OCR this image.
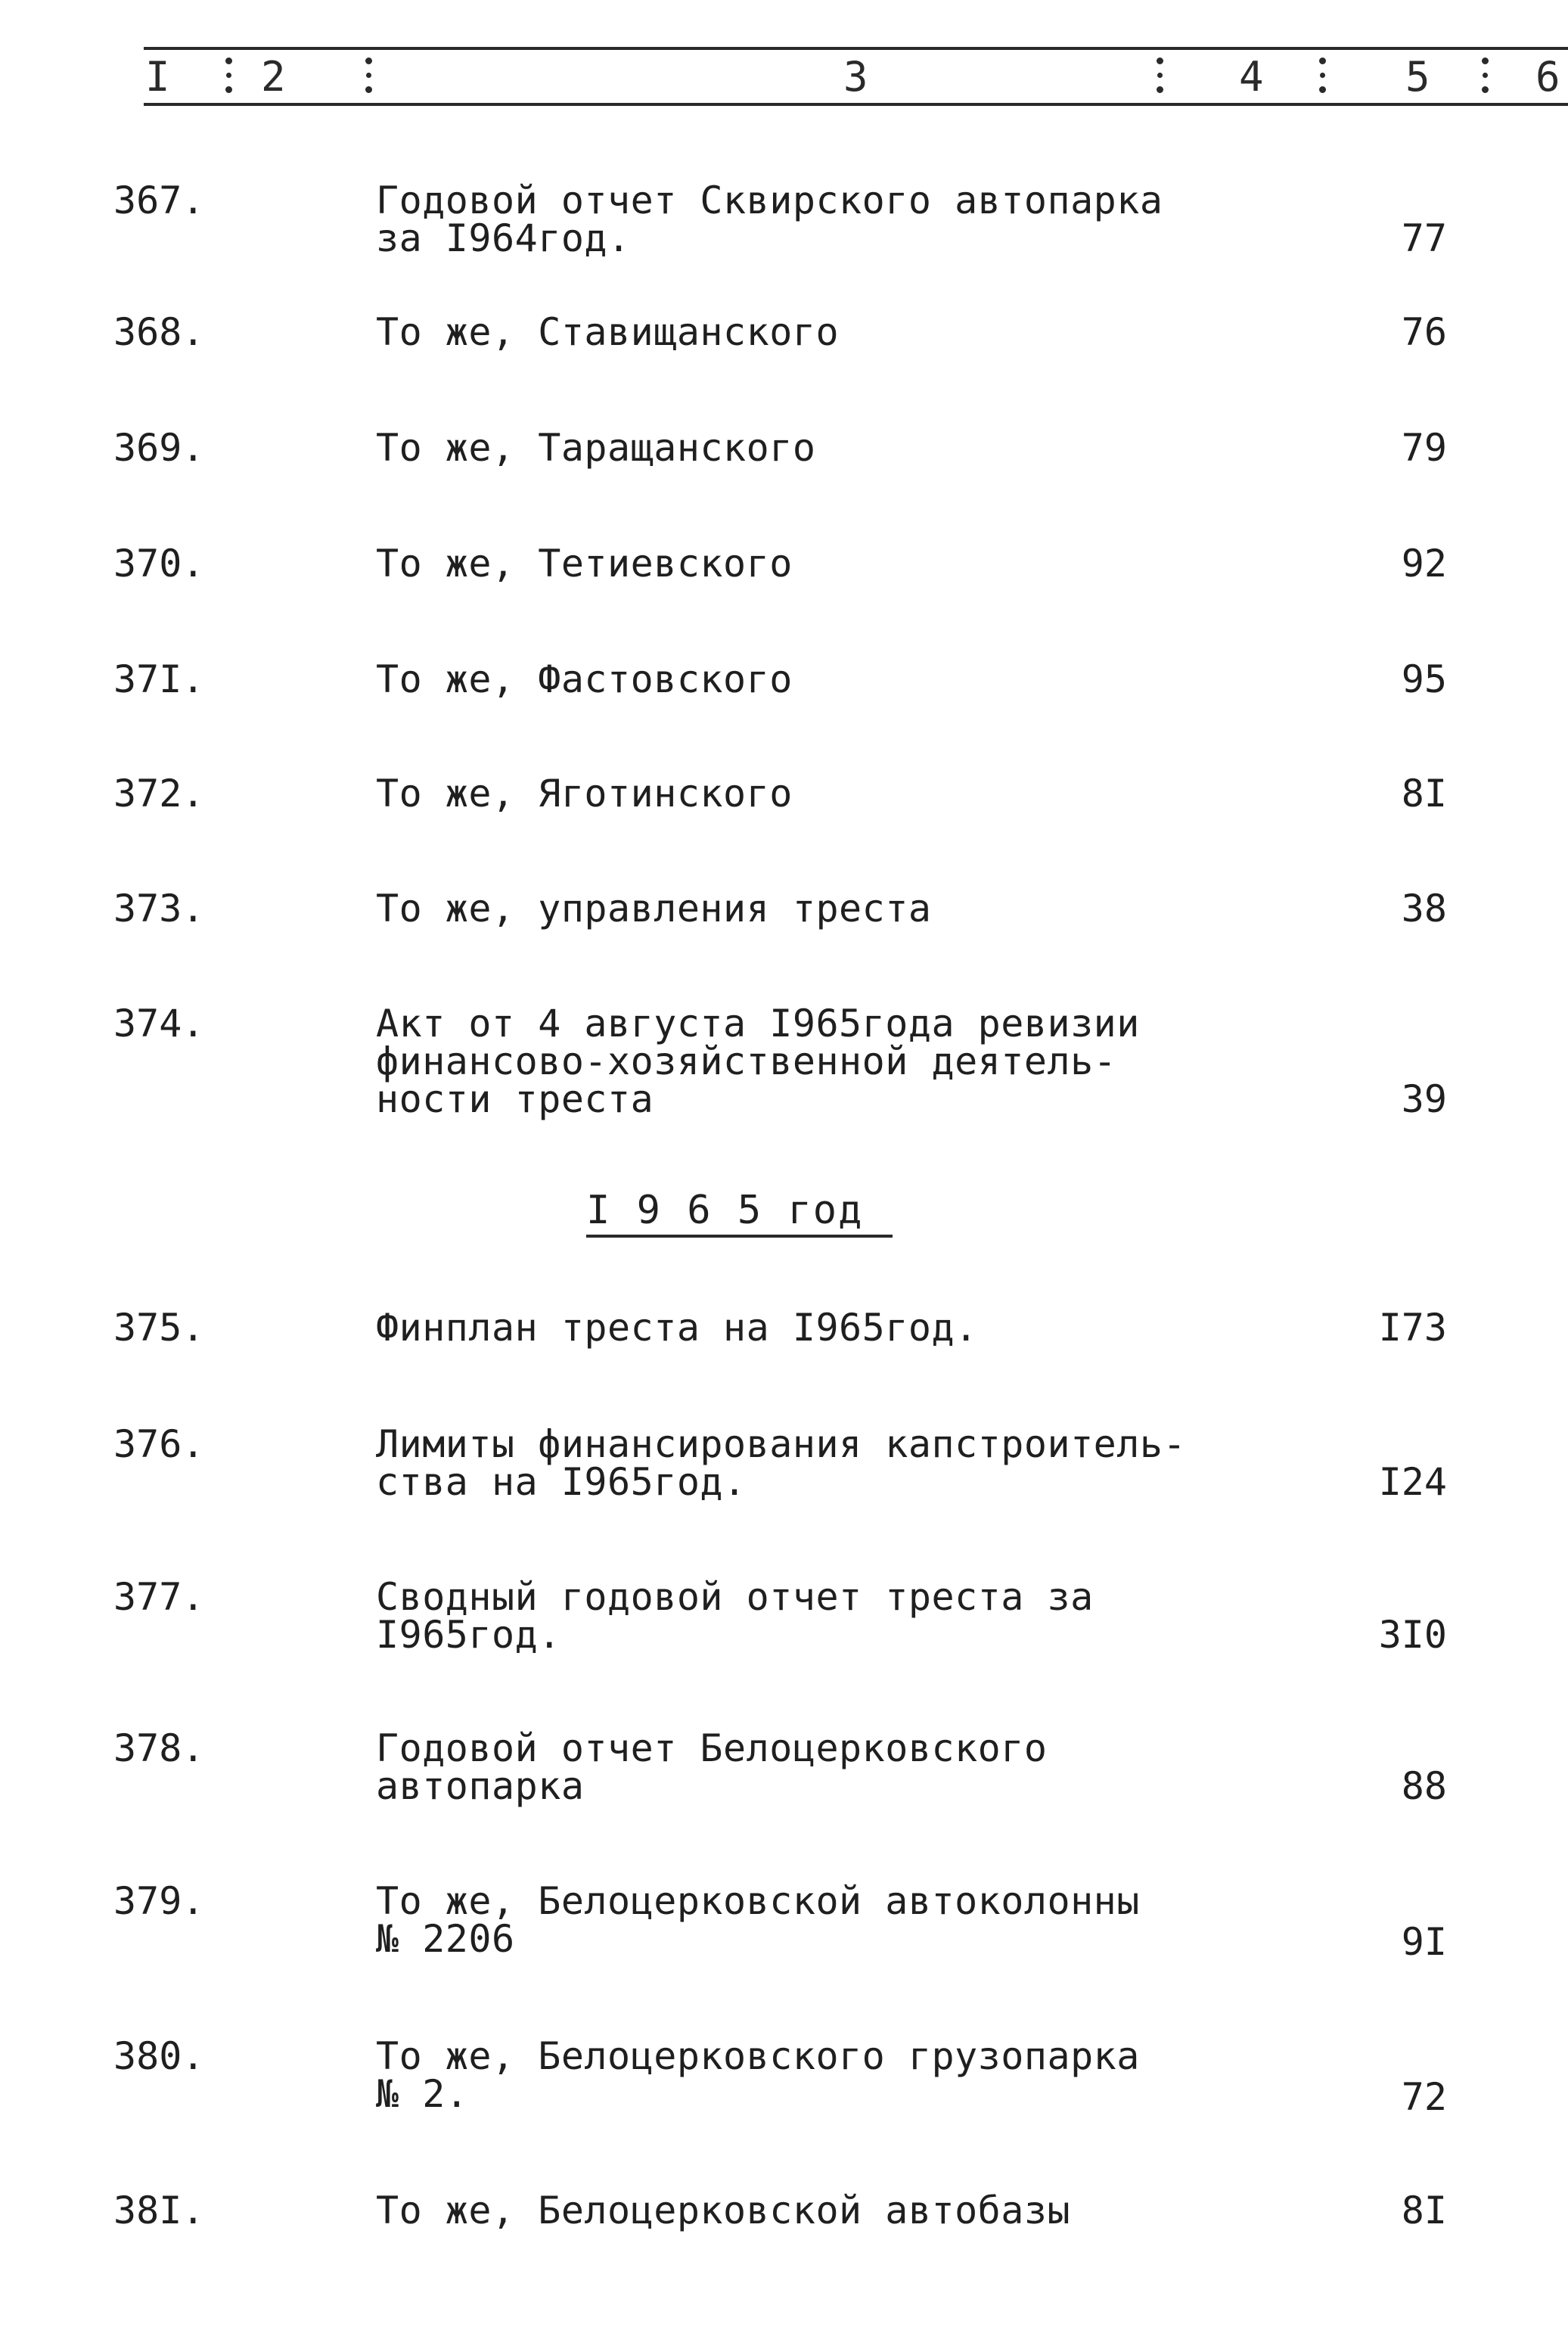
I 2	3	4	5	6
367.	Годовой отчет Сквирского автопарка
за I964год.	77
368.	То же, Ставищанского	76
369.	То же, Таращанского	79
370.	То же, Тетиевского	92
37I.	То же, Фастовского	95
372.	То же, Яготинского	8I
373.	То же, управления треста	38
374.	Акт от 4 августа I965года ревизии
финансово-хозяйственной деятель-
ности треста	39
I 9 6 5 год
375.	Финплан треста на I965год.	I73
376.	Лимиты финансирования капстроитель-
ства на I965год.	I24
377.	Сводный годовой отчет треста за
I965год.	3I0
378.	Годовой отчет Белоцерковского
автопарка	88
379.	То же, Белоцерковской автоколонны
№ 2206	9I
380.	То же, Белоцерковского грузопарка
№ 2.	72
38I.	То же, Белоцерковской автобазы	8I
